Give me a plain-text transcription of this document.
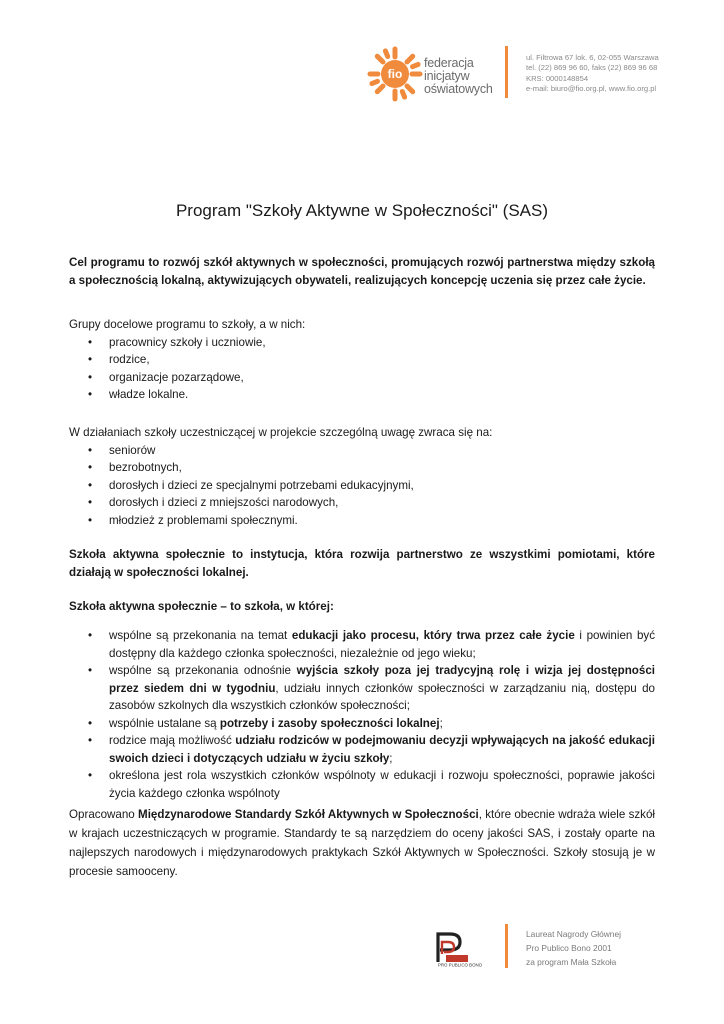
fio
federacja
inicjatyw
oświatowych
ul. Filtrowa 67 lok. 6, 02-055 Warszawa
tel. (22) 869 96 60, faks (22) 869 96 68
KRS: 0000148854
e-mail: biuro@fio.org.pl, www.fio.org.pl
Program "Szkoły Aktywne w Społeczności" (SAS)

Cel programu to rozwój szkół aktywnych w społeczności, promujących rozwój partnerstwa między szkołą a społecznością lokalną, aktywizujących obywateli, realizujących koncepcję uczenia się przez całe życie.

Grupy docelowe programu to szkoły, a w nich:

• pracownicy szkoły i uczniowie,
• rodzice,
• organizacje pozarządowe,
• władze lokalne.

W działaniach szkoły uczestniczącej w projekcie szczególną uwagę zwraca się na:

• seniorów
• bezrobotnych,
• dorosłych i dzieci ze specjalnymi potrzebami edukacyjnymi,
• dorosłych i dzieci z mniejszości narodowych,
• młodzież z problemami społecznymi.

Szkoła aktywna społecznie to instytucja, która rozwija partnerstwo ze wszystkimi pomiotami, które działają w społeczności lokalnej.

Szkoła aktywna społecznie – to szkoła, w której:

• wspólne są przekonania na temat edukacji jako procesu, który trwa przez całe życie i powinien być dostępny dla każdego członka społeczności, niezależnie od jego wieku;
• wspólne są przekonania odnośnie wyjścia szkoły poza jej tradycyjną rolę i wizja jej dostępności przez siedem dni w tygodniu, udziału innych członków społeczności w zarządzaniu nią, dostępu do zasobów szkolnych dla wszystkich członków społeczności;
• wspólnie ustalane są potrzeby i zasoby społeczności lokalnej;
• rodzice mają możliwość udziału rodziców w podejmowaniu decyzji wpływających na jakość edukacji swoich dzieci i dotyczących udziału w życiu szkoły;
• określona jest rola wszystkich członków wspólnoty w edukacji i rozwoju społeczności, poprawie jakości życia każdego członka wspólnoty

Opracowano Międzynarodowe Standardy Szkół Aktywnych w Społeczności, które obecnie wdraża wiele szkół w krajach uczestniczących w programie. Standardy te są narzędziem do oceny jakości SAS, i zostały oparte na najlepszych narodowych i międzynarodowych praktykach Szkół Aktywnych w Społeczności. Szkoły stosują je w procesie samooceny.

PRO PUBLICO BONO
Laureat Nagrody Głównej
Pro Publico Bono 2001
za program Mała Szkoła
